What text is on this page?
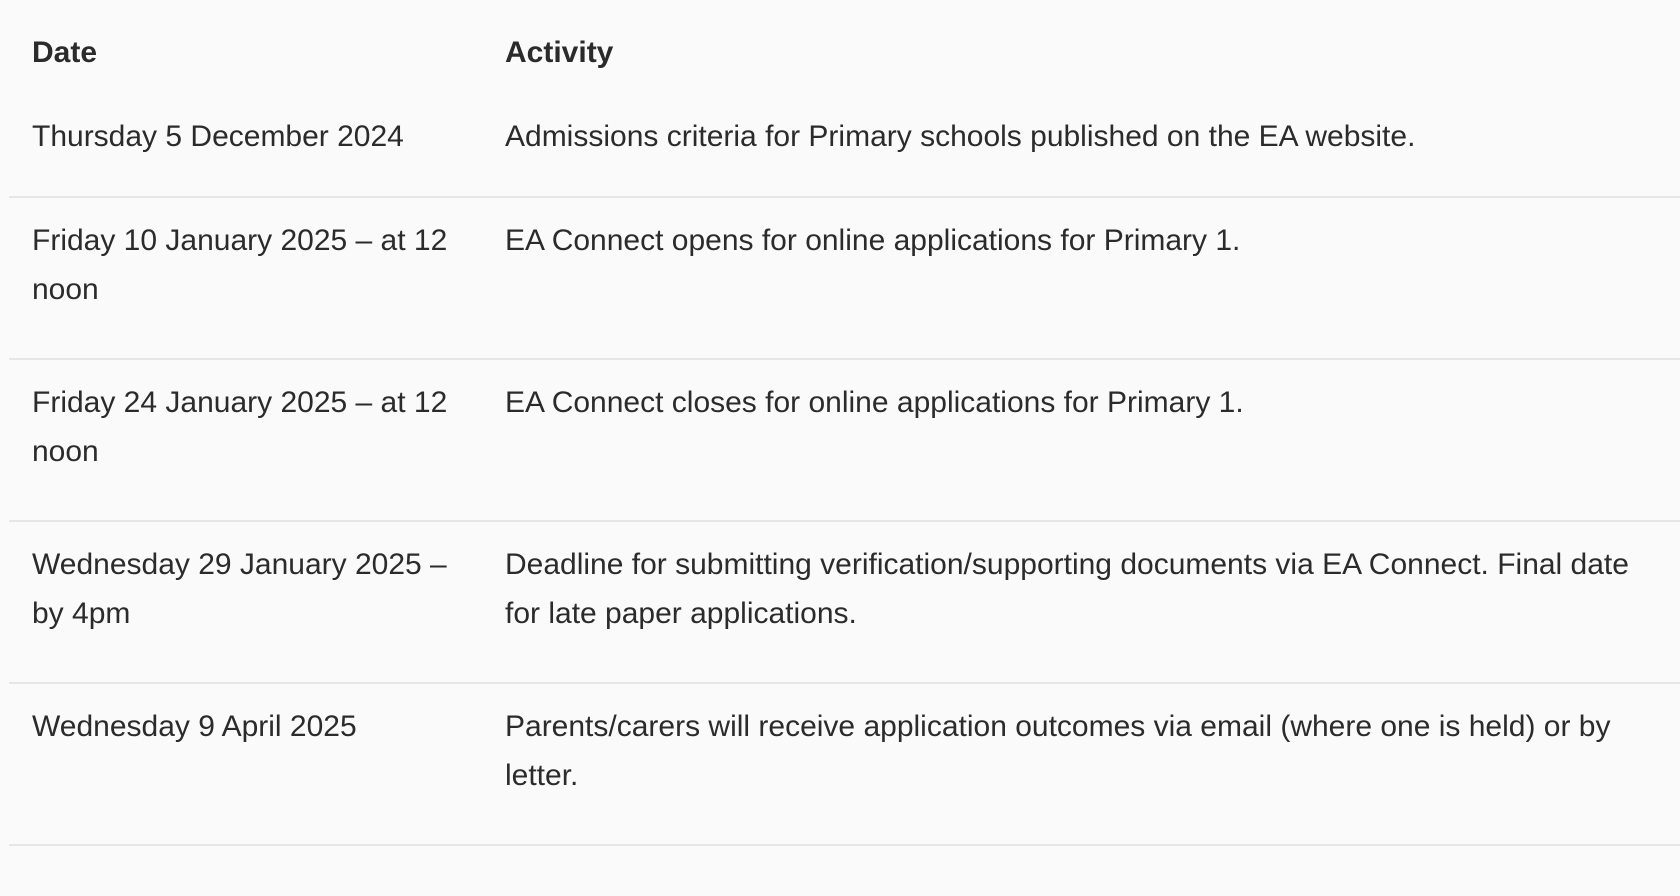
Date	Activity
Thursday 5 December 2024	Admissions criteria for Primary schools published on the EA website.
Friday 10 January 2025 – at 12 noon	EA Connect opens for online applications for Primary 1.
Friday 24 January 2025 – at 12 noon	EA Connect closes for online applications for Primary 1.
Wednesday 29 January 2025 – by 4pm	Deadline for submitting verification/supporting documents via EA Connect. Final date for late paper applications.
Wednesday 9 April 2025	Parents/carers will receive application outcomes via email (where one is held) or by letter.
